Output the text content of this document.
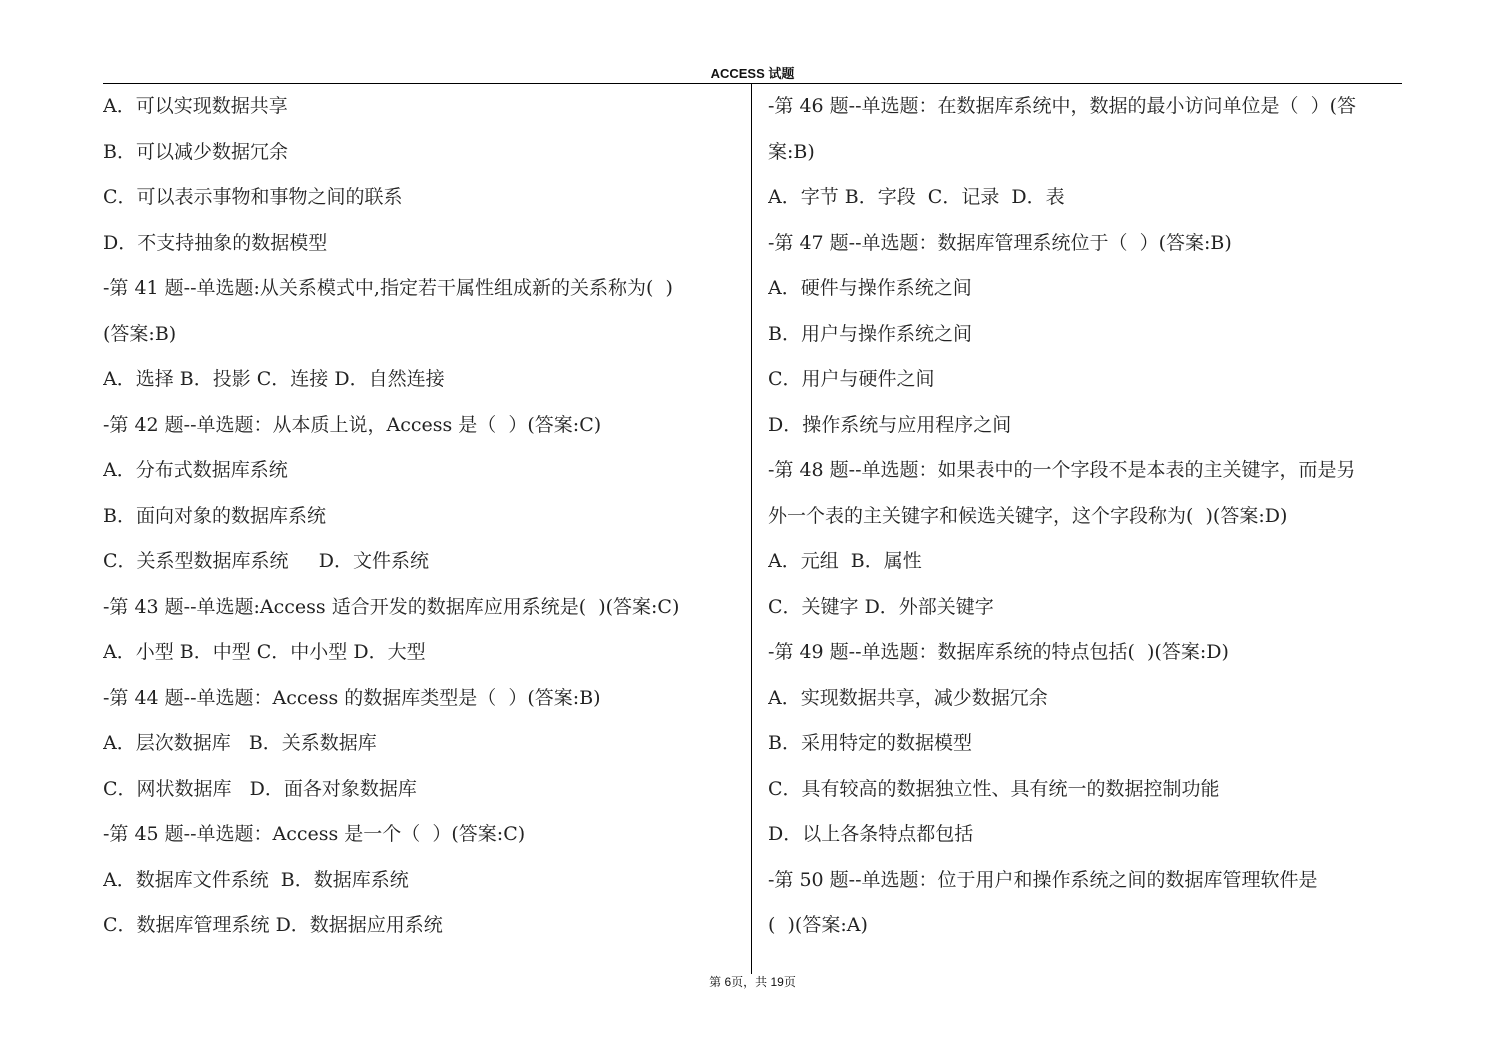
ACCESS 试题
A．可以实现数据共享
B．可以减少数据冗余
C．可以表示事物和事物之间的联系
D．不支持抽象的数据模型
-第 41 题--单选题:从关系模式中,指定若干属性组成新的关系称为(  )
(答案:B)
A．选择 B．投影 C．连接 D．自然连接
-第 42 题--单选题：从本质上说，Access 是（  ）(答案:C)
A．分布式数据库系统
B．面向对象的数据库系统
C．关系型数据库系统     D．文件系统
-第 43 题--单选题:Access 适合开发的数据库应用系统是(  )(答案:C)
A．小型 B．中型 C．中小型 D．大型
-第 44 题--单选题：Access 的数据库类型是（  ）(答案:B)
A．层次数据库   B．关系数据库
C．网状数据库   D．面各对象数据库
-第 45 题--单选题：Access 是一个（  ）(答案:C)
A．数据库文件系统  B．数据库系统
C．数据库管理系统 D．数据据应用系统
-第 46 题--单选题：在数据库系统中，数据的最小访问单位是（  ）(答
案:B)
A．字节 B．字段  C．记录  D．表
-第 47 题--单选题：数据库管理系统位于（  ）(答案:B)
A．硬件与操作系统之间
B．用户与操作系统之间
C．用户与硬件之间
D．操作系统与应用程序之间
-第 48 题--单选题：如果表中的一个字段不是本表的主关键字，而是另
外一个表的主关键字和候选关键字，这个字段称为(  )(答案:D)
A．元组  B．属性
C．关键字 D．外部关键字
-第 49 题--单选题：数据库系统的特点包括(  )(答案:D)
A．实现数据共享，减少数据冗余
B．采用特定的数据模型
C．具有较高的数据独立性、具有统一的数据控制功能
D．以上各条特点都包括
-第 50 题--单选题：位于用户和操作系统之间的数据库管理软件是
(  )(答案:A)
第 6页，共 19页
